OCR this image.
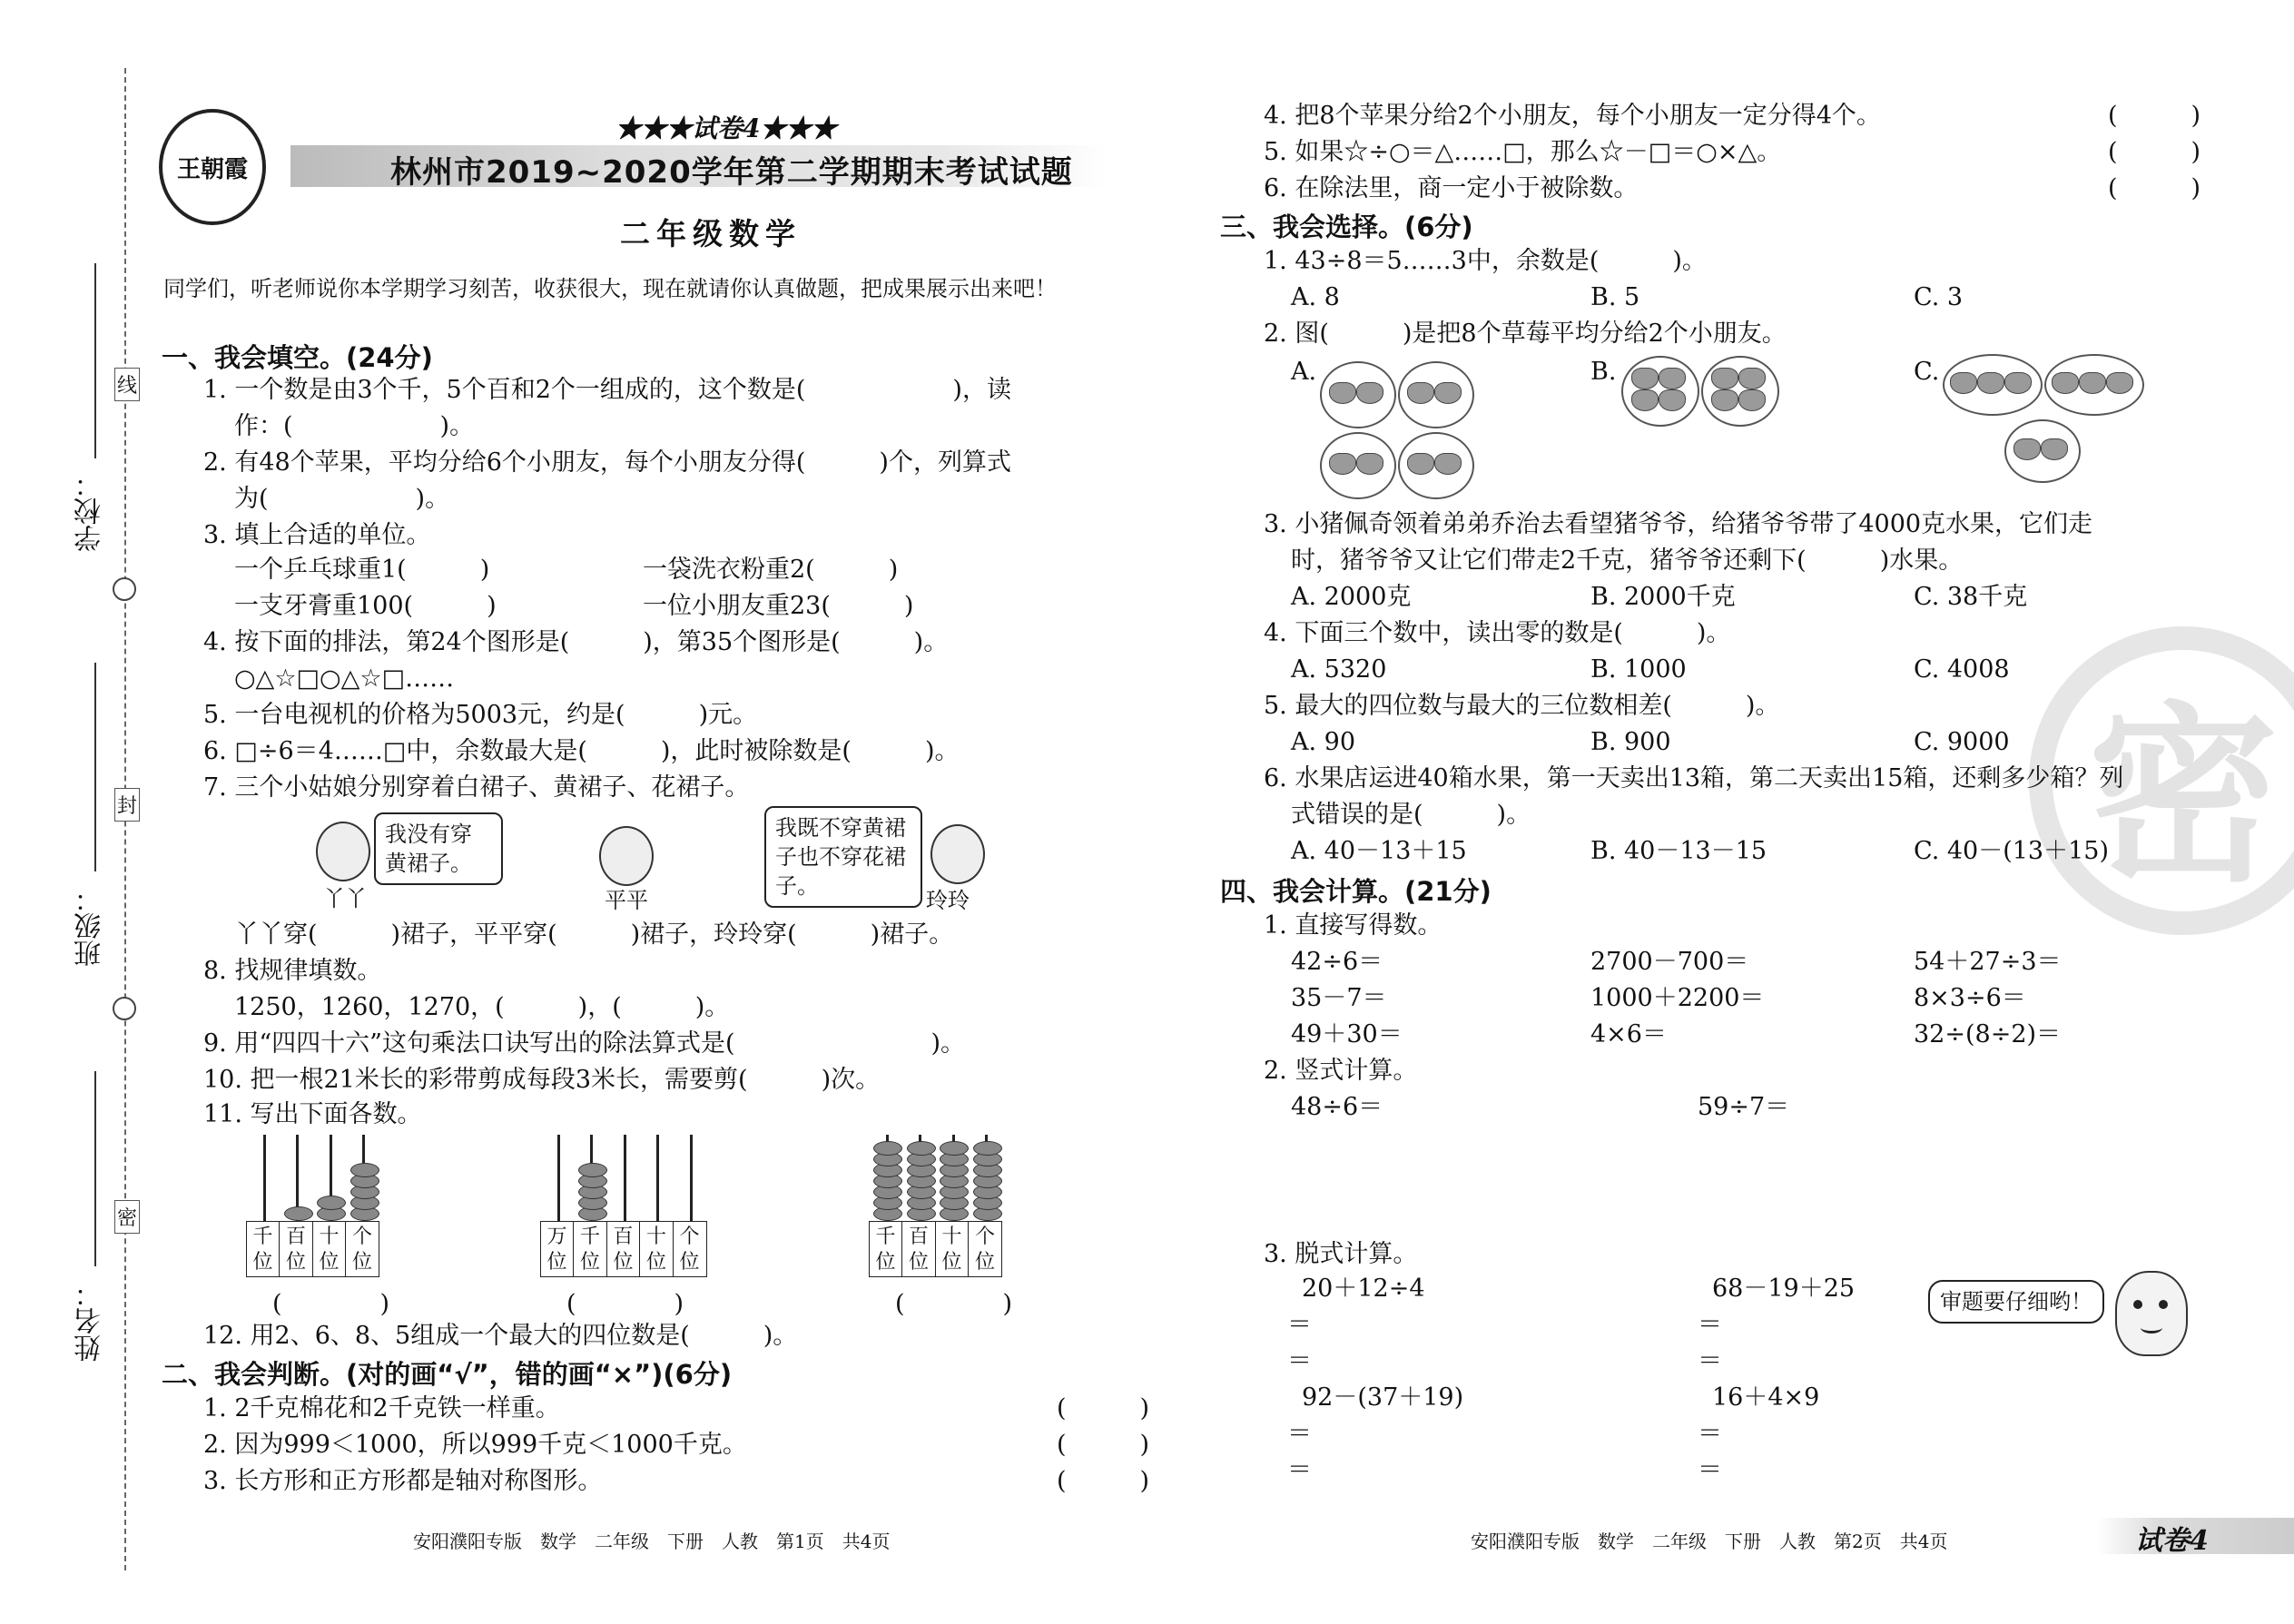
学校：
班级：
姓名：
线
封
密
王朝霞
★★★试卷4★★★
林州市2019~2020学年第二学期期末考试试题
二年级数学
同学们，听老师说你本学期学习刻苦，收获很大，现在就请你认真做题，把成果展示出来吧！
一、我会填空。(24分)
1. 一个数是由3个千，5个百和2个一组成的，这个数是(　　　　　　)，读
作：(　　　　　　)。
2. 有48个苹果，平均分给6个小朋友，每个小朋友分得(　　　)个，列算式
为(　　　　　　)。
3. 填上合适的单位。
一个乒乓球重1(　　　)	一袋洗衣粉重2(　　　)
一支牙膏重100(　　　)	一位小朋友重23(　　　)
4. 按下面的排法，第24个图形是(　　　)，第35个图形是(　　　)。
○△☆□○△☆□……
5. 一台电视机的价格为5003元，约是(　　　)元。
6. □÷6＝4……□中，余数最大是(　　　)，此时被除数是(　　　)。
7. 三个小姑娘分别穿着白裙子、黄裙子、花裙子。
我没有穿黄裙子。
丫丫	平平
我既不穿黄裙子也不穿花裙子。
玲玲
丫丫穿(　　　)裙子，平平穿(　　　)裙子，玲玲穿(　　　)裙子。
8. 找规律填数。
1250，1260，1270，(　　　)，(　　　)。
9. 用“四四十六”这句乘法口诀写出的除法算式是(　　　　　　　　)。
10. 把一根21米长的彩带剪成每段3米长，需要剪(　　　)次。
11. 写出下面各数。
千位
百位
十位
个位
(　　　　)
万位
千位
百位
十位
个位
(　　　　)
千位
百位
十位
个位
(　　　　)
12. 用2、6、8、5组成一个最大的四位数是(　　　)。
二、我会判断。(对的画“√”，错的画“×”)(6分)
1. 2千克棉花和2千克铁一样重。	(　　　)
2. 因为999＜1000，所以999千克＜1000千克。	(　　　)
3. 长方形和正方形都是轴对称图形。	(　　　)
4. 把8个苹果分给2个小朋友，每个小朋友一定分得4个。	(　　　)
5. 如果☆÷○＝△……□，那么☆－□＝○×△。	(　　　)
6. 在除法里，商一定小于被除数。	(　　　)
密
三、我会选择。(6分)
1. 43÷8＝5……3中，余数是(　　　)。
A. 8	B. 5	C. 3
2. 图(　　　)是把8个草莓平均分给2个小朋友。
A.	B.	C.
3. 小猪佩奇领着弟弟乔治去看望猪爷爷，给猪爷爷带了4000克水果，它们走
时，猪爷爷又让它们带走2千克，猪爷爷还剩下(　　　)水果。
A. 2000克	B. 2000千克	C. 38千克
4. 下面三个数中，读出零的数是(　　　)。
A. 5320	B. 1000	C. 4008
5. 最大的四位数与最大的三位数相差(　　　)。
A. 90	B. 900	C. 9000
6. 水果店运进40箱水果，第一天卖出13箱，第二天卖出15箱，还剩多少箱？列
式错误的是(　　　)。
A. 40－13＋15	B. 40－13－15	C. 40－(13＋15)
四、我会计算。(21分)
1. 直接写得数。
42÷6＝	2700－700＝	54＋27÷3＝
35－7＝	1000＋2200＝	8×3÷6＝
49＋30＝	4×6＝	32÷(8÷2)＝
2. 竖式计算。
48÷6＝	59÷7＝
3. 脱式计算。
20＋12÷4	68－19＋25
＝	＝
＝	＝
92－(37＋19)	16＋4×9
＝	＝
＝	＝
审题要仔细哟！
安阳濮阳专版　数学　二年级　下册　人教　第1页　共4页	安阳濮阳专版　数学　二年级　下册　人教　第2页　共4页	试卷4
